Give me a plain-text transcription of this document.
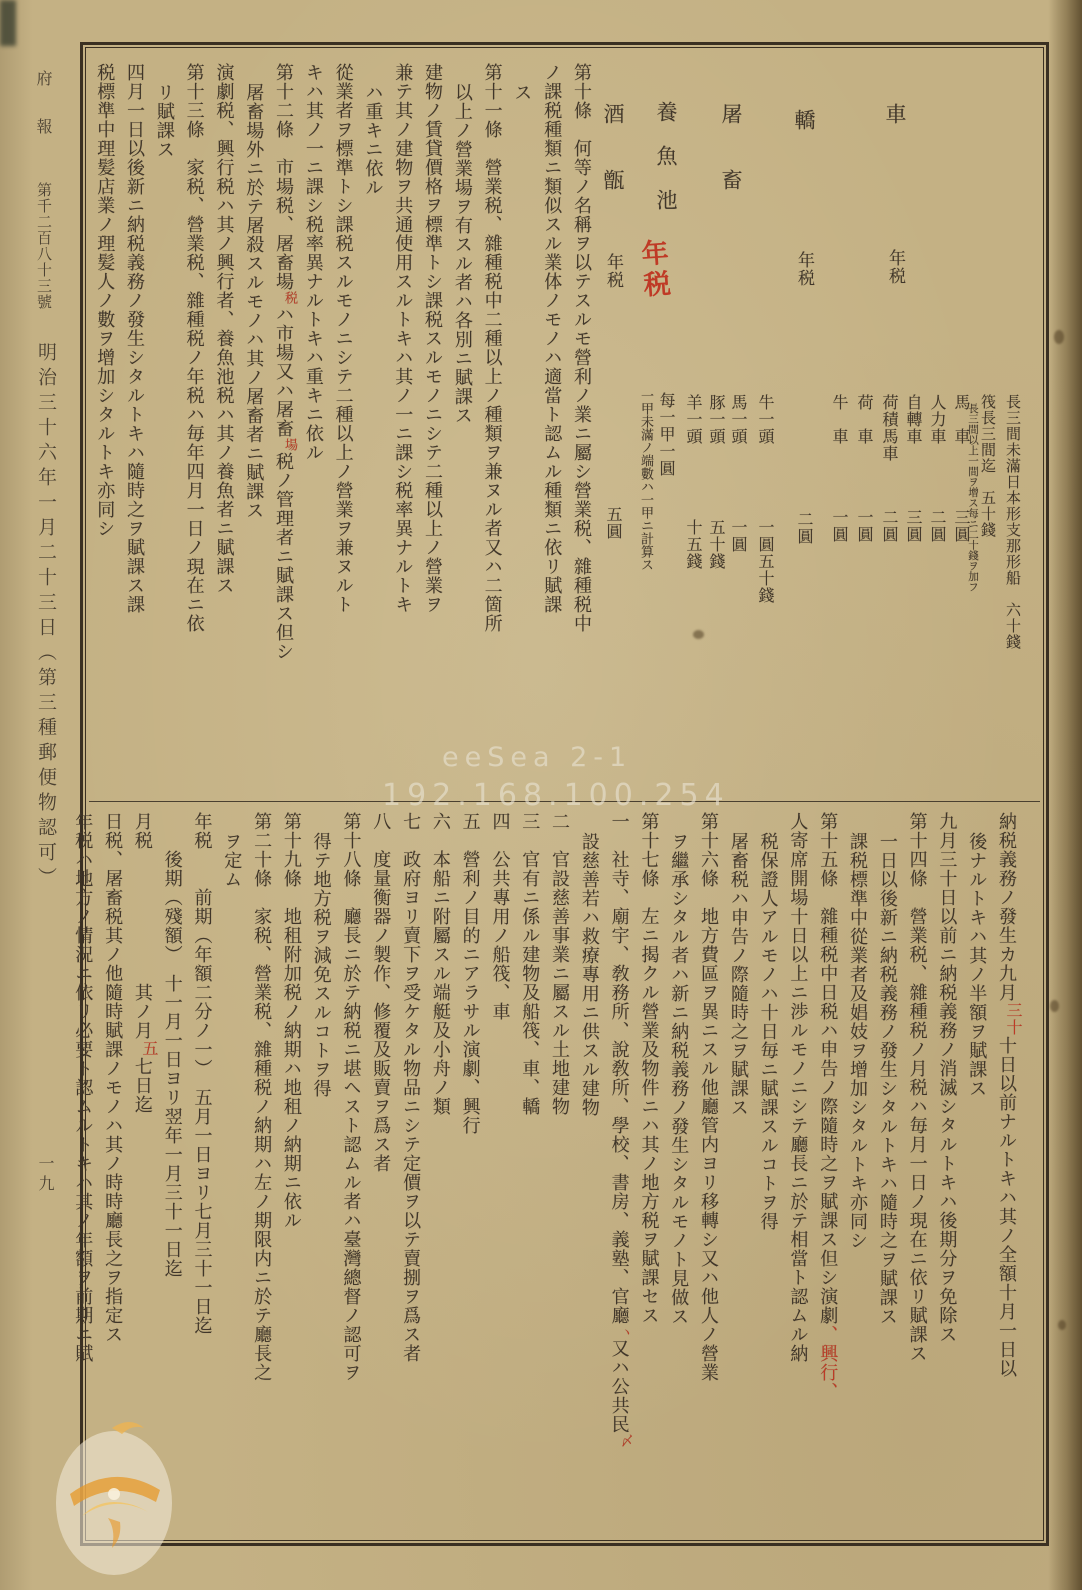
府　報
第千二百八十三號
明治三十六年一月二十三日（第三種郵便物認可）
一九
長三間未滿日本形支那形船　六十錢
筏長三間迄　五十錢
長三間以上一間ヲ增ス每ニ二十錢ヲ加フ
車
年税
馬　車
三圓
人力車
二圓
自轉車
三圓
荷積馬車
二圓
荷　車
一圓
牛　車
一圓
轎
年税
二圓
屠　　畜
牛一頭
一圓五十錢
馬一頭
一圓
豚一頭
五十錢
羊一頭
十五錢
養　魚　池
年税
每一甲一圓
一甲未滿ノ端數ハ一甲ニ計算ス
酒　　甑
年税
五圓
第十條　何等ノ名稱ヲ以テスルモ營利ノ業ニ屬シ營業税、雜種税中
ノ課税種類ニ類似スル業体ノモノハ適當ト認ムル種類ニ依リ賦課
ス
第十一條　營業税、雜種税中二種以上ノ種類ヲ兼ヌル者又ハ二箇所
以上ノ營業場ヲ有スル者ハ各別ニ賦課ス
建物ノ賃貸價格ヲ標準トシ課税スルモノニシテ二種以上ノ營業ヲ
兼テ其ノ建物ヲ共通使用スルトキハ其ノ一ニ課シ税率異ナルトキ
ハ重キニ依ル
從業者ヲ標準トシ課税スルモノニシテ二種以上ノ營業ヲ兼ヌルト
キハ其ノ一ニ課シ税率異ナルトキハ重キニ依ル
第十二條　市場税、屠畜場税ハ市場又ハ屠畜場税ノ管理者ニ賦課ス但シ
屠畜場外ニ於テ屠殺スルモノハ其ノ屠畜者ニ賦課ス
演劇税、興行税ハ其ノ興行者、養魚池税ハ其ノ養魚者ニ賦課ス
第十三條　家税、營業税、雜種税ノ年税ハ毎年四月一日ノ現在ニ依
リ賦課ス
四月一日以後新ニ納税義務ノ發生シタルトキハ隨時之ヲ賦課ス課
税標準中理髪店業ノ理髪人ノ數ヲ增加シタルトキ亦同シ
納税義務ノ發生カ九月三十十日以前ナルトキハ其ノ全額十月一日以
後ナルトキハ其ノ半額ヲ賦課ス
九月三十日以前ニ納税義務ノ消滅シタルトキハ後期分ヲ免除ス
第十四條　營業税、雜種税ノ月税ハ毎月一日ノ現在ニ依リ賦課ス
一日以後新ニ納税義務ノ發生シタルトキハ隨時之ヲ賦課ス
課税標準中從業者及娼妓ヲ增加シタルトキ亦同シ
第十五條　雜種税中日税ハ申告ノ際隨時之ヲ賦課ス但シ演劇、興行、
人寄席開場十日以上ニ渉ルモノニシテ廳長ニ於テ相當ト認ムル納
税保證人アルモノハ十日毎ニ賦課スルコトヲ得
屠畜税ハ申告ノ際隨時之ヲ賦課ス
第十六條　地方費區ヲ異ニスル他廳管内ヨリ移轉シ又ハ他人ノ營業
ヲ繼承シタル者ハ新ニ納税義務ノ發生シタルモノト見做ス
第十七條　左ニ揭クル營業及物件ニハ其ノ地方税ヲ賦課セス
一　社寺、廟宇、敎務所、說敎所、學校、書房、義塾、官廳ヽ又ハ公共民〆
設慈善若ハ救療專用ニ供スル建物
二　官設慈善事業ニ屬スル土地建物
三　官有ニ係ル建物及船筏、車、轎
四　公共專用ノ船筏、車
五　營利ノ目的ニアラサル演劇、興行
六　本船ニ附屬スル端艇及小舟ノ類
七　政府ヨリ賣下ヲ受ケタル物品ニシテ定價ヲ以テ賣捌ヲ爲ス者
八　度量衡器ノ製作、修覆及販賣ヲ爲ス者
第十八條　廳長ニ於テ納税ニ堪ヘスト認ムル者ハ臺灣總督ノ認可ヲ
得テ地方税ヲ減免スルコトヲ得
第十九條　地租附加税ノ納期ハ地租ノ納期ニ依ル
第二十條　家税、營業税、雜種税ノ納期ハ左ノ期限内ニ於テ廳長之
ヲ定ム
年税　　前期（年額二分ノ一）　五月一日ヨリ七月三十一日迄
　　後期（殘額）　十一月一日ヨリ翌年一月三十一日迄
月税　　　　　　　其ノ月五七日迄
日税、屠畜税其ノ他隨時賦課ノモノハ其ノ時時廳長之ヲ指定ス
年税ハ地方ノ情況ニ依リ必要ト認ムルトキハ其ノ年額ヲ前期ニ賦
eeSea 2-1
192.168.100.254
